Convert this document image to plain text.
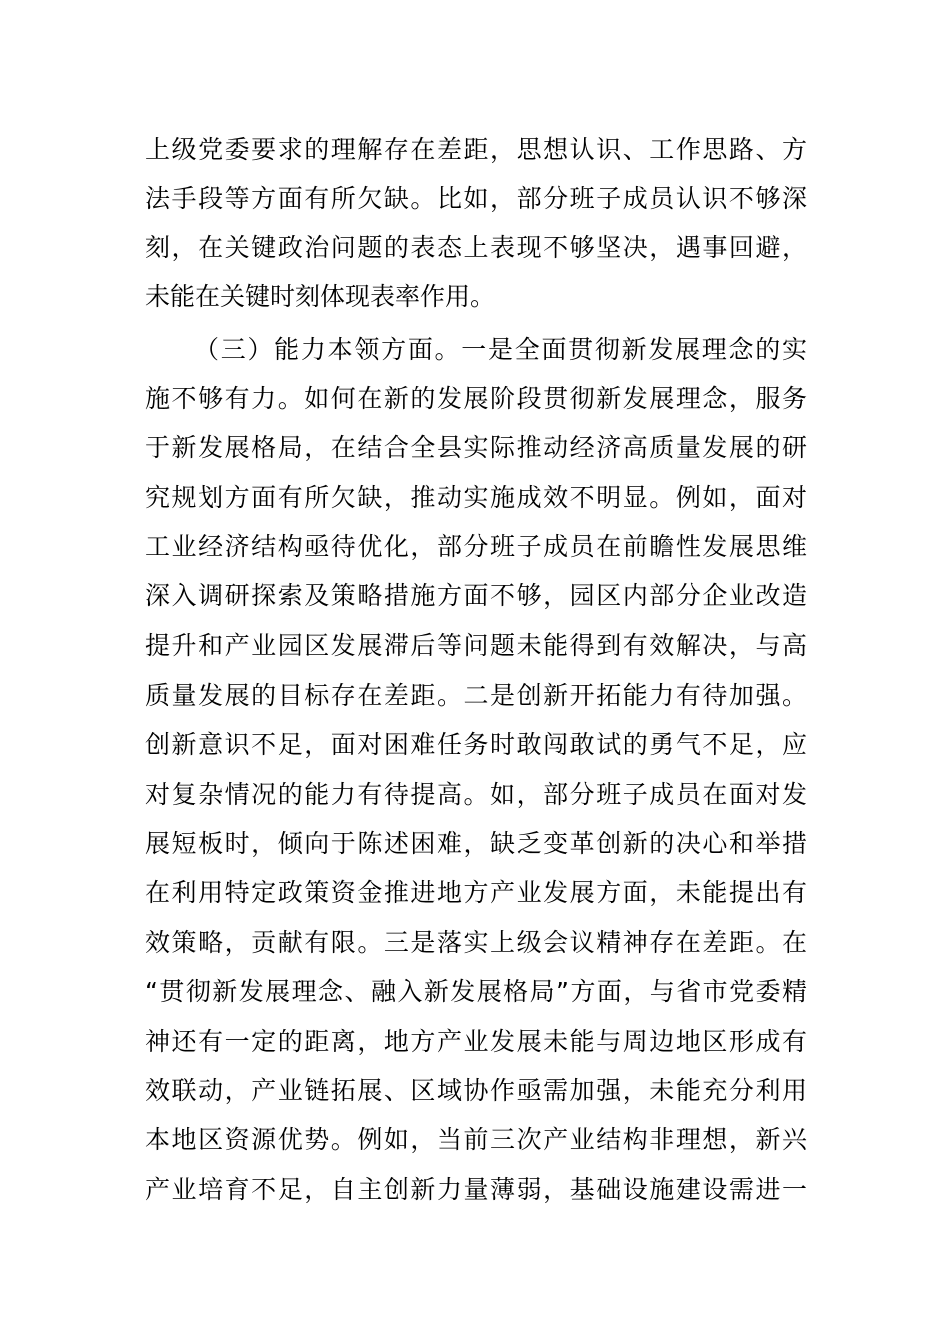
上级党委要求的理解存在差距，思想认识、工作思路、方
法手段等方面有所欠缺。比如，部分班子成员认识不够深
刻，在关键政治问题的表态上表现不够坚决，遇事回避，
未能在关键时刻体现表率作用。
（三）能力本领方面。一是全面贯彻新发展理念的实
施不够有力。如何在新的发展阶段贯彻新发展理念，服务
于新发展格局，在结合全县实际推动经济高质量发展的研
究规划方面有所欠缺，推动实施成效不明显。例如，面对
工业经济结构亟待优化，部分班子成员在前瞻性发展思维
深入调研探索及策略措施方面不够，园区内部分企业改造
提升和产业园区发展滞后等问题未能得到有效解决，与高
质量发展的目标存在差距。二是创新开拓能力有待加强。
创新意识不足，面对困难任务时敢闯敢试的勇气不足，应
对复杂情况的能力有待提高。如，部分班子成员在面对发
展短板时，倾向于陈述困难，缺乏变革创新的决心和举措
在利用特定政策资金推进地方产业发展方面，未能提出有
效策略，贡献有限。三是落实上级会议精神存在差距。在
“贯彻新发展理念、融入新发展格局”方面，与省市党委精
神还有一定的距离，地方产业发展未能与周边地区形成有
效联动，产业链拓展、区域协作亟需加强，未能充分利用
本地区资源优势。例如，当前三次产业结构非理想，新兴
产业培育不足，自主创新力量薄弱，基础设施建设需进一
